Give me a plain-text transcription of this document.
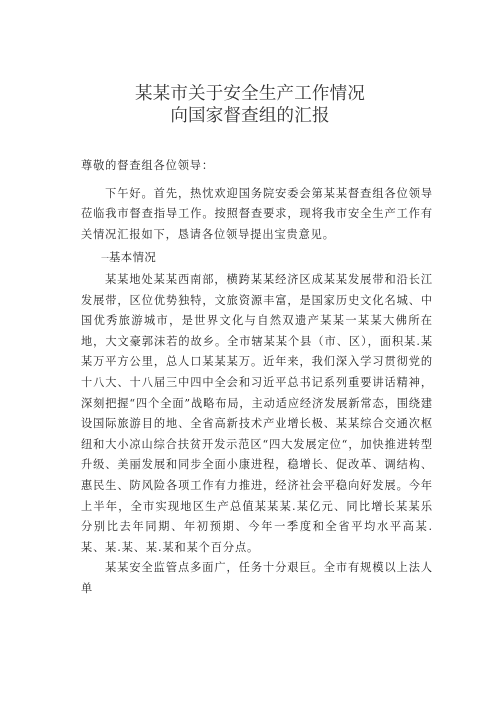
某某市关于安全生产工作情况
向国家督查组的汇报

尊敬的督查组各位领导：

下午好。首先，热忱欢迎国务院安委会第某某督查组各位领导莅临我市督查指导工作。按照督查要求，现将我市安全生产工作有关情况汇报如下，恳请各位领导提出宝贵意见。

一基本情况

某某地处某某西南部，横跨某某经济区成某某发展带和沿长江发展带，区位优势独特，文旅资源丰富，是国家历史文化名城、中国优秀旅游城市，是世界文化与自然双遗产某某一某某大佛所在地，大文豪郭沫若的故乡。全市辖某某个县（市、区），面积某.某某万平方公里，总人口某某某万。近年来，我们深入学习贯彻党的十八大、十八届三中四中全会和习近平总书记系列重要讲话精神，深刻把握“四个全面”战略布局，主动适应经济发展新常态，围绕建设国际旅游目的地、全省高新技术产业增长极、某某综合交通次枢纽和大小凉山综合扶贫开发示范区“四大发展定位“，加快推进转型升级、美丽发展和同步全面小康进程，稳增长、促改革、调结构、惠民生、防风险各项工作有力推进，经济社会平稳向好发展。今年上半年，全市实现地区生产总值某某某.某亿元、同比增长某某乐分别比去年同期、年初预期、今年一季度和全省平均水平高某.某、某.某、某.某和某个百分点。

某某安全监管点多面广，任务十分艰巨。全市有规模以上法人单
